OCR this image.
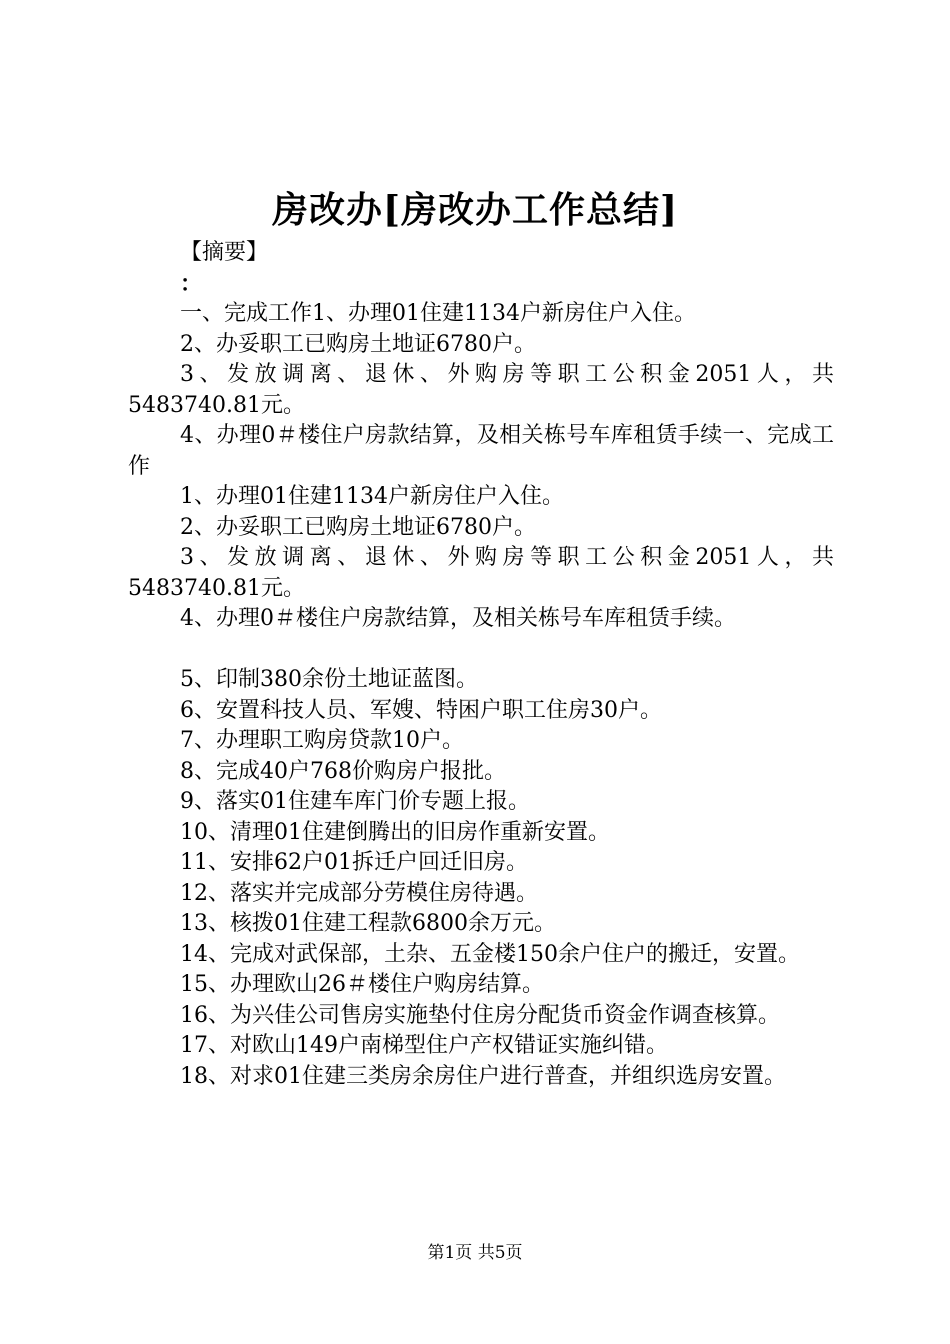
房改办[房改办工作总结]

【摘要】

：

一、完成工作1、办理01住建1134户新房住户入住。

2、办妥职工已购房土地证6780户。

3、发放调离、退休、外购房等职工公积金2051人，共5483740.81元。

4、办理0＃楼住户房款结算，及相关栋号车库租赁手续一、完成工作

1、办理01住建1134户新房住户入住。

2、办妥职工已购房土地证6780户。

3、发放调离、退休、外购房等职工公积金2051人，共5483740.81元。

4、办理0＃楼住户房款结算，及相关栋号车库租赁手续。

5、印制380余份土地证蓝图。

6、安置科技人员、军嫂、特困户职工住房30户。

7、办理职工购房贷款10户。

8、完成40户768价购房户报批。

9、落实01住建车库门价专题上报。

10、清理01住建倒腾出的旧房作重新安置。

11、安排62户01拆迁户回迁旧房。

12、落实并完成部分劳模住房待遇。

13、核拨01住建工程款6800余万元。

14、完成对武保部，土杂、五金楼150余户住户的搬迁，安置。

15、办理欧山26＃楼住户购房结算。

16、为兴佳公司售房实施垫付住房分配货币资金作调查核算。

17、对欧山149户南梯型住户产权错证实施纠错。

18、对求01住建三类房余房住户进行普查，并组织选房安置。

第1页 共5页
